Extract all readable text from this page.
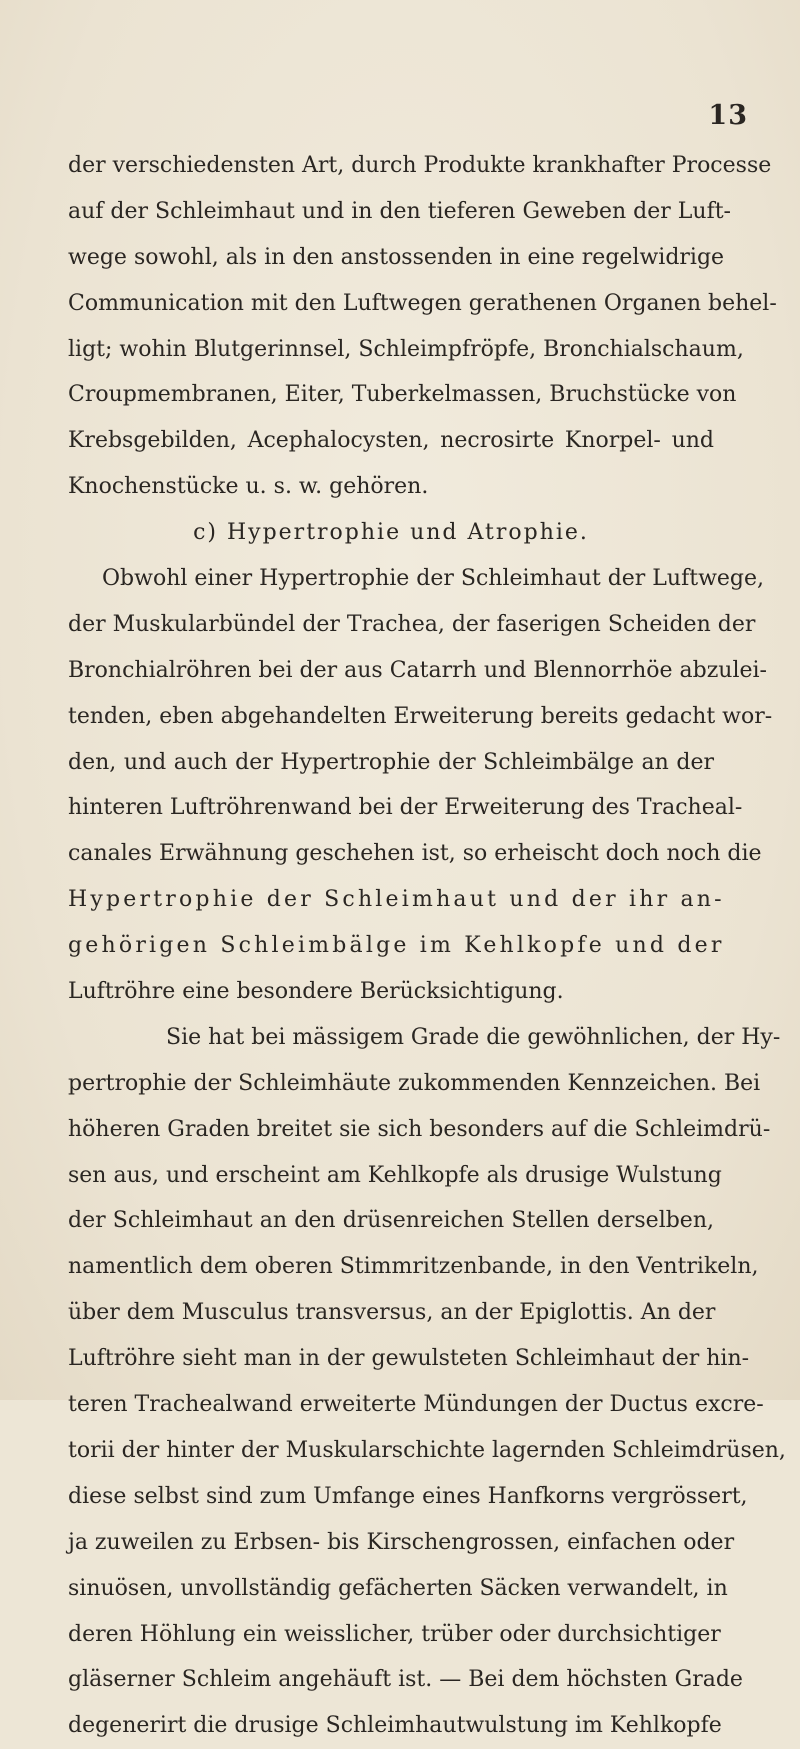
13
der verschiedensten Art, durch Produkte krankhafter Processe
auf der Schleimhaut und in den tieferen Geweben der Luft-
wege sowohl, als in den anstossenden in eine regelwidrige
Communication mit den Luftwegen gerathenen Organen behel-
ligt; wohin Blutgerinnsel, Schleimpfröpfe, Bronchialschaum,
Croupmembranen, Eiter, Tuberkelmassen, Bruchstücke von
Krebsgebilden, Acephalocysten, necrosirte Knorpel- und
Knochenstücke u. s. w. gehören.
c) Hypertrophie und Atrophie.
Obwohl einer Hypertrophie der Schleimhaut der Luftwege,
der Muskularbündel der Trachea, der faserigen Scheiden der
Bronchialröhren bei der aus Catarrh und Blennorrhöe abzulei-
tenden, eben abgehandelten Erweiterung bereits gedacht wor-
den, und auch der Hypertrophie der Schleimbälge an der
hinteren Luftröhrenwand bei der Erweiterung des Tracheal-
canales Erwähnung geschehen ist, so erheischt doch noch die
Hypertrophie der Schleimhaut und der ihr an-
gehörigen Schleimbälge im Kehlkopfe und der
Luftröhre eine besondere Berücksichtigung.
Sie hat bei mässigem Grade die gewöhnlichen, der Hy-
pertrophie der Schleimhäute zukommenden Kennzeichen. Bei
höheren Graden breitet sie sich besonders auf die Schleimdrü-
sen aus, und erscheint am Kehlkopfe als drusige Wulstung
der Schleimhaut an den drüsenreichen Stellen derselben,
namentlich dem oberen Stimmritzenbande, in den Ventrikeln,
über dem Musculus transversus, an der Epiglottis. An der
Luftröhre sieht man in der gewulsteten Schleimhaut der hin-
teren Trachealwand erweiterte Mündungen der Ductus excre-
torii der hinter der Muskularschichte lagernden Schleimdrüsen,
diese selbst sind zum Umfange eines Hanfkorns vergrössert,
ja zuweilen zu Erbsen- bis Kirschengrossen, einfachen oder
sinuösen, unvollständig gefächerten Säcken verwandelt, in
deren Höhlung ein weisslicher, trüber oder durchsichtiger
gläserner Schleim angehäuft ist. — Bei dem höchsten Grade
degenerirt die drusige Schleimhautwulstung im Kehlkopfe
